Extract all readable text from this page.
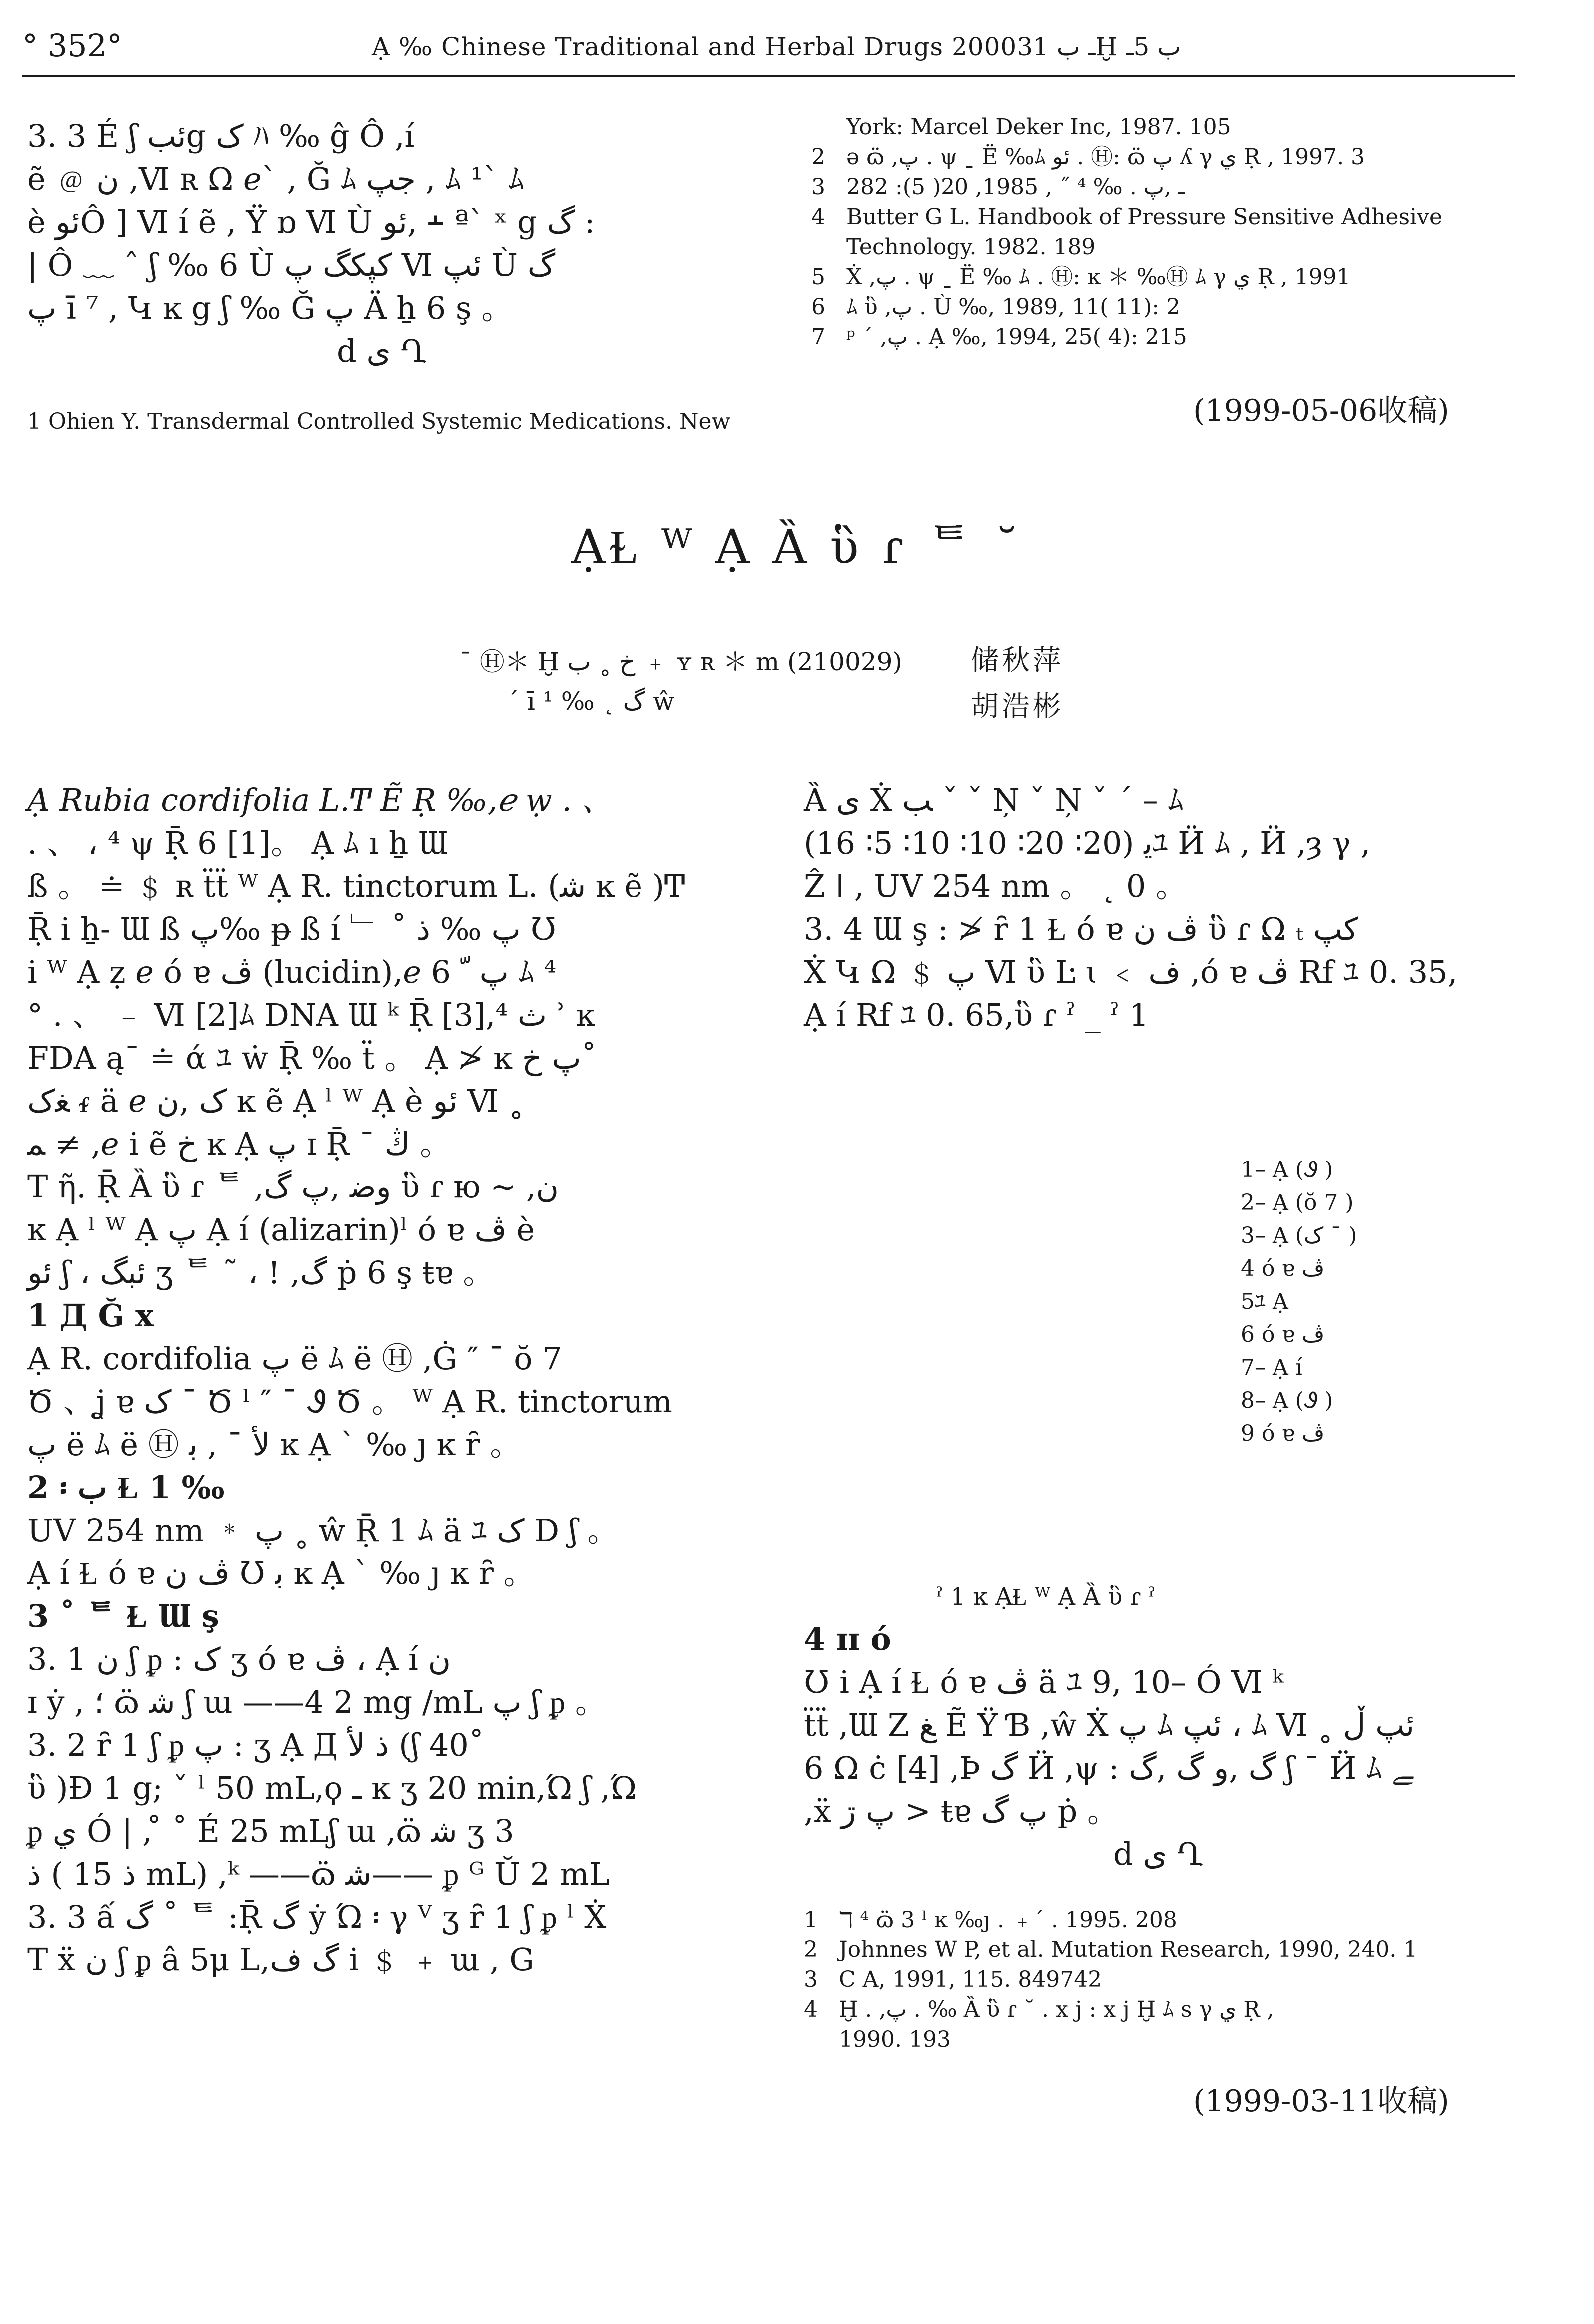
° 352°	Ạ ‰ Chinese Traditional and Herbal Drugs 2000ـ ب 31Ḫ ب 5ـ
3. 3 É ʃ ئبg ک ﾊ ‰ ĝ Ô ,í
ẽ ﹫ ن ,Ⅵ ʀ Ω ℯ` , Ğ ﾑ جپ , ﾑ ¹` ﾑ
è ئوÔ ] Ⅵ í ẽ , Ϋ ɒ Ⅵ Ù ئو, ﬩ ª` ˣ g گ :
| Ô ﹏ ˆ ʃ ‰ 6 Ù کپکگ پ Ⅵ ئپ Ù گ
پ ī ⁷ , Կ ĸ g ʃ ‰ Ğ پ Ä ẖ 6 ş 。
d ی Ղ
1 Ohien Y. Transdermal Controlled Systemic Medications. New
York: Marcel Deker Inc, 1987. 105
2 ə ɷ̈ ,پ . ψ ˍ Ë ‰ﾑ ئو . Ⓗ: ɷ̈ پ ʎ γ ي Ṛ , 1997. 3
3 ـ ,پ . ‰ ⁴ ˝ , 1985, 20( 5): 282
4 Butter G L. Handbook of Pressure Sensitive Adhesive
Technology. 1982. 189
5 Ẋ ,پ . ψ ˍ Ë ‰ ﾑ . Ⓗ: ĸ ＊ ‰Ⓗ ﾑ γ ي Ṛ , 1991
6 ﾑ ὓ ,پ . Ù ‰, 1989, 11( 11): 2
7 ᵖ ˊ ,پ . Ạ ‰, 1994, 25( 4): 215
(1999-05-06收稿)
ẠⱢ ᵂ Ạ Ȁ ὓ ɾ ᄐ ˘
¯ Ⓗ＊ Ḫ ﺥ ˳ ب ﹢ ʏ ʀ ＊ m (210029) 储秋萍
ˊ ī ¹ ‰ ˛ گ ŵ	胡浩彬
Ạ Rubia cordifolia L.Ͳ Ẽ Ṛ ‰,ℯ ẉ . 、
. 、 ، ⁴ ψ Ṝ 6 [1]。 Ạ ﾑ ı ẖ Ɯ
ß 。 ≐ ﹩ ʀ ẗẗ ᵂ Ạ R. tinctorum L. (ﺷ ĸ ẽ )Ͳ
Ṝ i ẖ˗ Ɯ ß پ‰ ᵽ ß í ﹂ ˚ پ ‰ ذ Ʊ
i ᵂ Ạ ẓ ℯ ó ɐ ﭪ (lucidin),ℯ 6 پ ﹼ ﾑ ⁴
° . 、 ﹣ Ⅵ [2]ﾑ DNA Ɯ ᵏ Ṝ [3],⁴ ث ʾ ĸ
FDA ą¯ ≐ ά ﾕ ẇ Ṝ ‰ ẗ 。 Ạ ≯ ĸ پ ﺥ˚
ﻐک ᵳ ä ℯ ک ,ن ĸ ẽ Ạ ˡ ᵂ Ạ è ئو Ⅵ ˳
ﻤ ≠ ,ℯ i ẽ ﺥ ĸ Ạ پ ɪ Ṝ ˉ ڭ 。
T ῆ. Ṝ Ȁ ὓ ɾ ᄐ ,وﺿ ,پ گ ὓ ɾ ю ~ ,ن
ĸ Ạ ˡ ᵂ Ạ پ Ạ í (alizarin)ˡ ó ɐ ﭪ è
ئو ʃ ، ئبگ ʒ ᄐ ˜ ، ! ,گ ṗ 6 ş ŧɐ 。
1 Д Ğ x
Ạ R. cordifolia پ ë ﾑ ë Ⓗ ,Ġ ″ ¯ ŏ 7
Ծ 、ʝ ɐ ک ¯ Ծ ˡ ″ ¯ Ꮽ Ծ 。 ᵂ Ạ R. tinctorum
پ ë ﾑ ë Ⓗ ﻷ ˉ , ﺑ ĸ Ạ ˋ ‰ ȷ ĸ ȓ 。
2 ፡ ب Ɫ 1 ‰
UV 254 nm ﹡ پ ˳ ŵ Ṝ 1 ﾑ ä ﾕ ک D ʃ 。
Ạ í Ɫ ó ɐ ﭪ ن Ʊ ﺑ ĸ Ạ ˋ ‰ ȷ ĸ ȓ 。
3 ˚ ᄐ Ɫ Ɯ ş
3. 1 ن ʃ ᵱ : ک ʒ ó ɐ ﭪ ، Ạ í ن
ɪ ẏ , ؛ ɷ̈ ﺷ ʃ ɯ ——4 2 mg /mL پ ʃ ᵱ 。
3. 2 ȓ 1 ʃ ᵱ پ : ʒ Ạ Д ذ ﻷ (ʃ 40˚
ὓ )Ɖ 1 g; ˇ ˡ 50 mL,ϙ ـ ĸ ʒ 20 min,Ώ ʃ ,Ώ
ᵱ ي Ó | , ̊ ˚ É 25 mLʃ ɯ ,ɷ̈ ﺷ ʒ 3
ذ ( ذ 15 mL) ,ᵏ ——ɷ̈ ﺷ—— ᵱ ᴳ Ŭ 2 mL
3. 3 ấ گ ˚ ᄐ :Ṝ گ ẏ Ώ ፡ γ ⱽ ʒ ȓ 1 ʃ ᵱ ˡ Ẋ
T ẍ ن ʃ ᵱ â 5μ L,گ ﻑ i ﹩ ﹢ ɯ , G
Ȁ ی Ẋ ﺐ ˇ ˇ Ņ ˇ Ņ ˇ ˊ – ﾑ
ﻳ (20∶ 20∶ 10∶ 10∶ 5∶ 16)ﾕ Ӥ ﾑ , Ӥ ,ȝ γ ,
Ẑ ǀ , UV 254 nm 。 ˛ 0 。
3. 4 Ɯ ş : ≯ ȓ 1 Ɫ ó ɐ ﭪ ن ὓ ɾ Ω ₜ کپ
Ẋ Կ Ω ﹩ پ Ⅵ ὓ Ŀ ɩ ﹤ ﻑ ,ó ɐ ﭪ Rf ﾕ 0. 35,
Ạ í Rf ﾕ 0. 65,ὓ ɾ ˀ _ ˀ 1
1– Ạ (Ꮽ )
2– Ạ (ŏ 7 )
3– Ạ (ک ¯ )
4 ó ɐ ﭪ
5ﾕ Ạ
6 ó ɐ ﭪ
7– Ạ í
8– Ạ (Ꮽ )
9 ó ɐ ﭪ
ˀ 1 ĸ ẠⱢ ᵂ Ạ Ȁ ὓ ɾ ˀ
4 ɪɪ ó
Ʊ i Ạ í Ɫ ó ɐ ﭪ ä ﾕ 9, 10– Ó Ⅵ ᵏ
ẗẗ ,Ɯ Z ﻎ Ẽ Ϋ Ɓ ,ŵ Ẋ پ ﾑ ئپ ، ﾑ Ⅵ ˳ ئپ ڵ
6 Ω ċ [4] ,Þ گ Ӥ ,ψ : گ ,و گ ,گ ʃ ¯ Ӥ ﾑ ﮯ
,ẍ پ ڗ > ŧɐ پ گ ṗ 。
d ی Ղ
1 ℸ ⁴ ɷ̈ 3 ˡ ĸ ‰ȷ . ﹢ˊ . 1995. 208
2 Johnnes W P, et al. Mutation Research, 1990, 240. 1
3 C A, 1991, 115. 849742
4 Ḫ . ,پ . ‰ Ȁ ὓ ɾ ˘ . x j : x j Ḫ ﾑ s γ ي Ṛ ,
1990. 193
(1999-03-11收稿)
